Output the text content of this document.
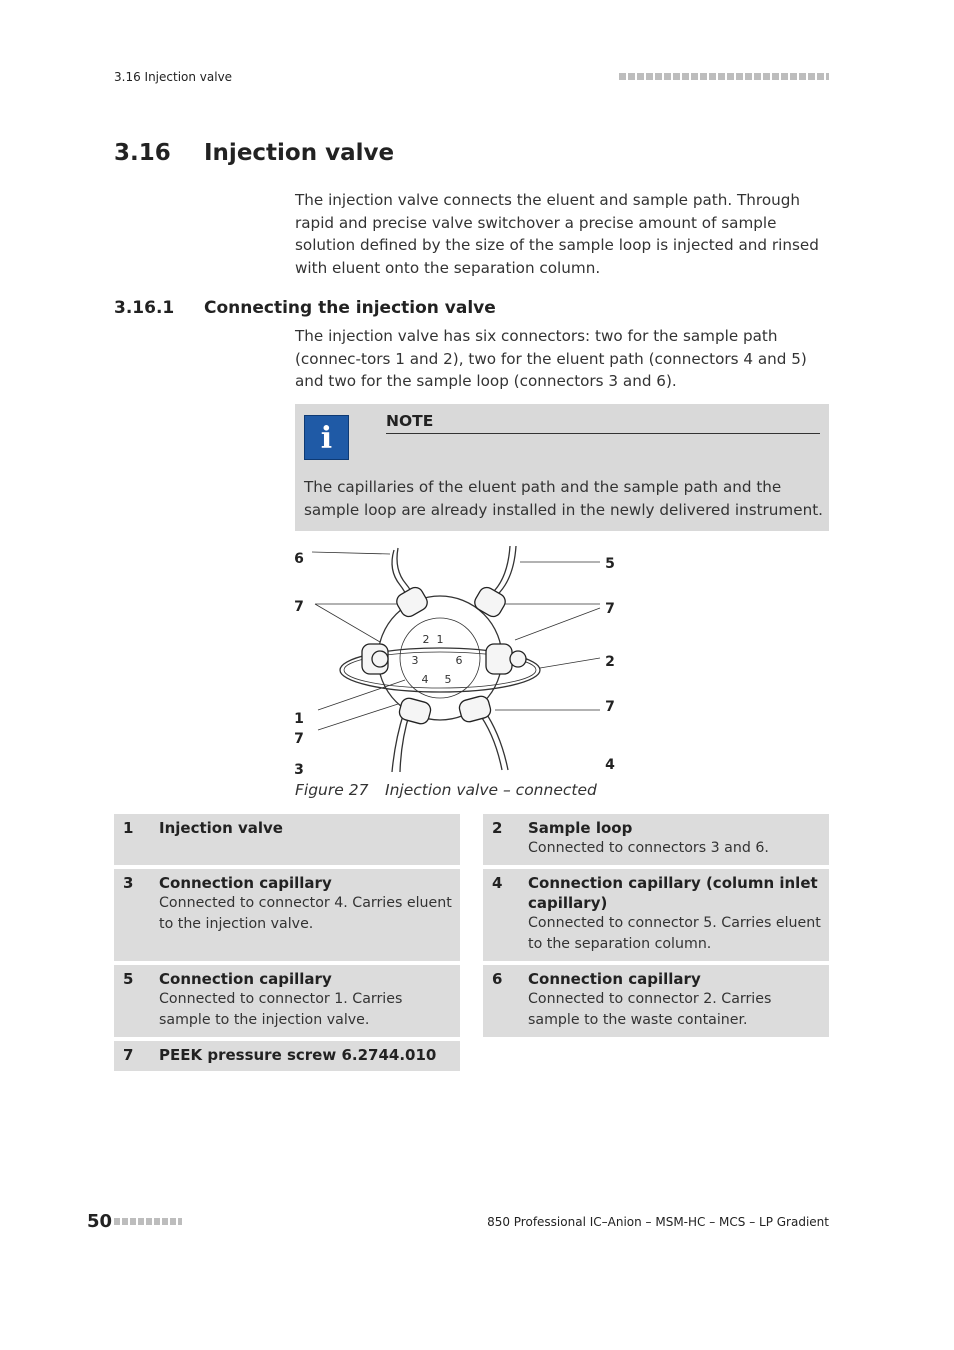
3.16 Injection valve
3.16 Injection valve
The injection valve connects the eluent and sample path. Through rapid and precise valve switchover a precise amount of sample solution defined by the size of the sample loop is injected and rinsed with eluent onto the separation column.
3.16.1 Connecting the injection valve
The injection valve has six connectors: two for the sample path (connec-tors 1 and 2), two for the eluent path (connectors 4 and 5) and two for the sample loop (connectors 3 and 6).
i	NOTE
The capillaries of the eluent path and the sample path and the sample loop are already installed in the newly delivered instrument.
1
2
3
4 5
6
6
7
1
7
3
5
7
2
7
4
Figure 27 Injection valve – connected
1 Injection valve	2 Sample loop
Connected to connectors 3 and 6.
3 Connection capillary
Connected to connector 4. Carries eluent to the injection valve.
4 Connection capillary (column inlet capillary)
Connected to connector 5. Carries eluent to the separation column.
5 Connection capillary
Connected to connector 1. Carries sample to the injection valve.
6 Connection capillary
Connected to connector 2. Carries sample to the waste container.
7 PEEK pressure screw 6.2744.010
50	850 Professional IC–Anion – MSM-HC – MCS – LP Gradient
